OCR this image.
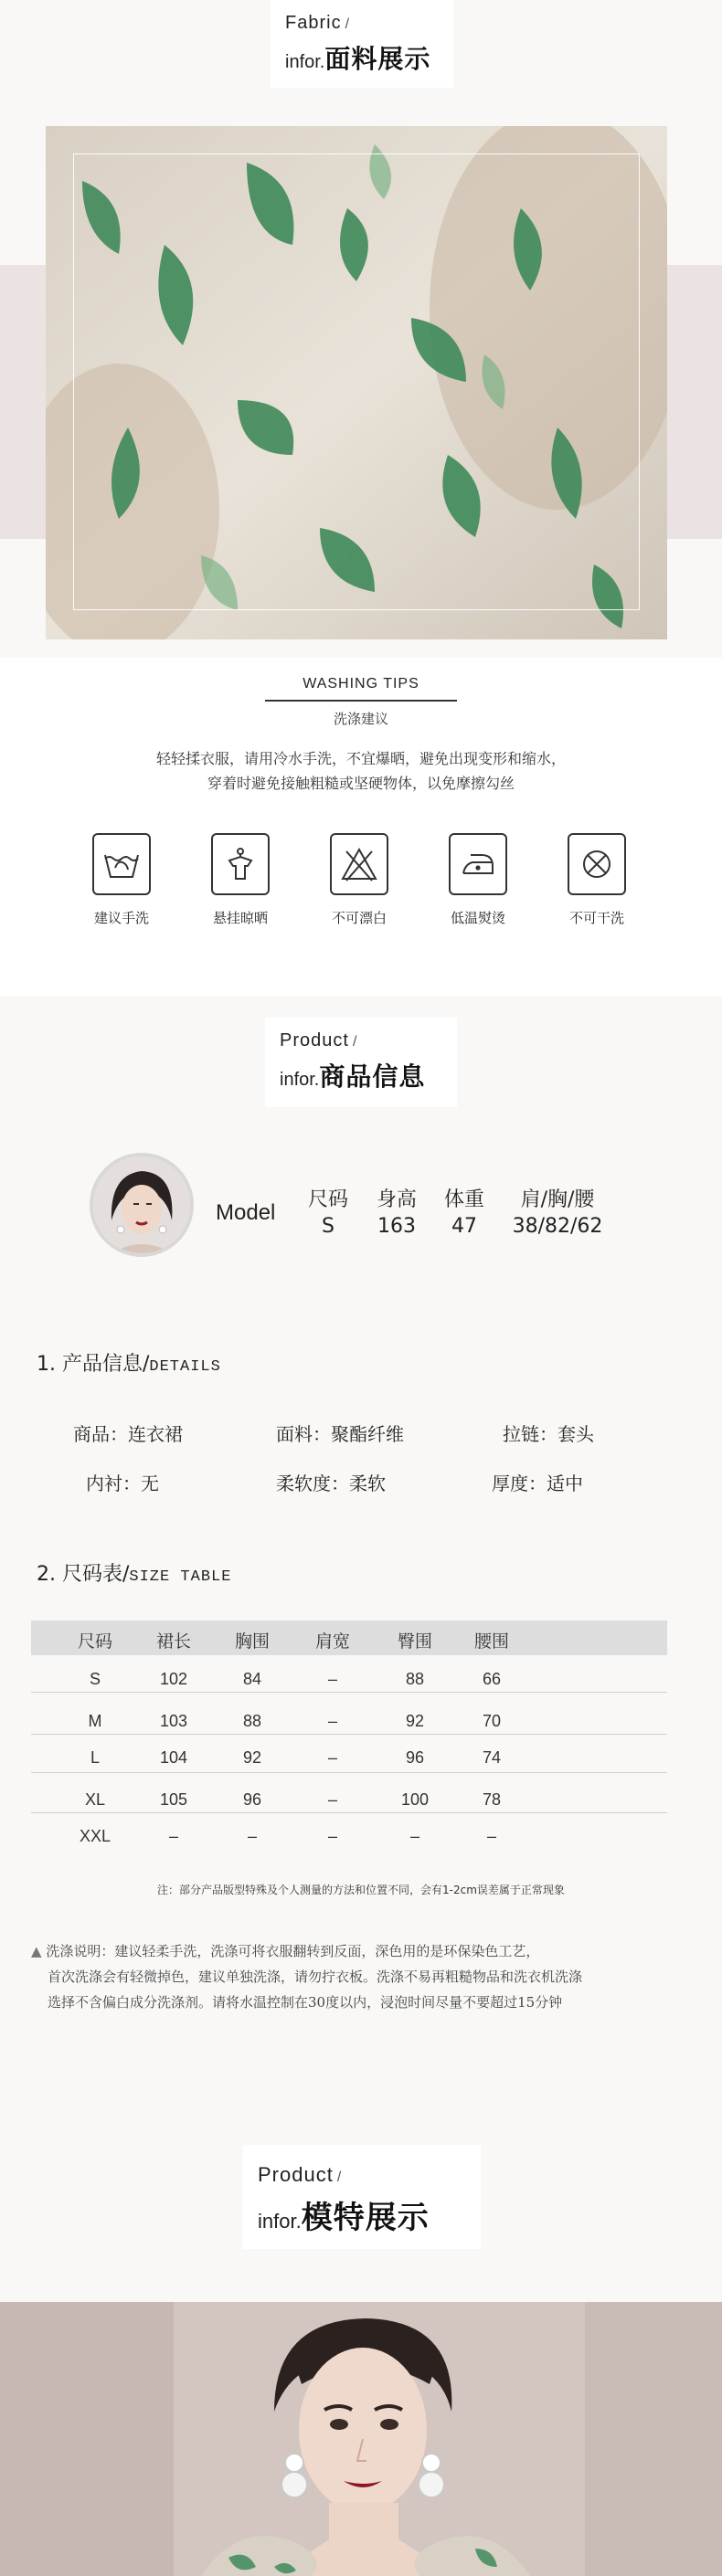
Fabric /
infor.面料展示
WASHING TIPS
洗涤建议
轻轻揉衣服，请用冷水手洗，不宜爆晒，避免出现变形和缩水，
穿着时避免接触粗糙或坚硬物体，以免摩擦勾丝
建议手洗	悬挂晾晒	不可漂白	低温熨烫	不可干洗
Product /
infor.商品信息
Model
尺码	身高	体重	肩/胸/腰
S	163	47	38/82/62
1. 产品信息/DETAILS
商品：连衣裙	面料：聚酯纤维	拉链：套头
内衬：无	柔软度：柔软	厚度：适中
2. 尺码表/SIZE TABLE
尺码	裙长	胸围	肩宽	臀围	腰围
S	102	84	–	88	66
M	103	88	–	92	70
L	104	92	–	96	74
XL	105	96	–	100	78
XXL	–	–	–	–	–
注：部分产品版型特殊及个人测量的方法和位置不同，会有1-2cm误差属于正常现象
▲ 洗涤说明：建议轻柔手洗，洗涤可将衣服翻转到反面，深色用的是环保染色工艺，
首次洗涤会有轻微掉色，建议单独洗涤，请勿拧衣板。洗涤不易再粗糙物品和洗衣机洗涤
选择不含偏白成分洗涤剂。请将水温控制在30度以内，浸泡时间尽量不要超过15分钟
Product /
infor.模特展示
